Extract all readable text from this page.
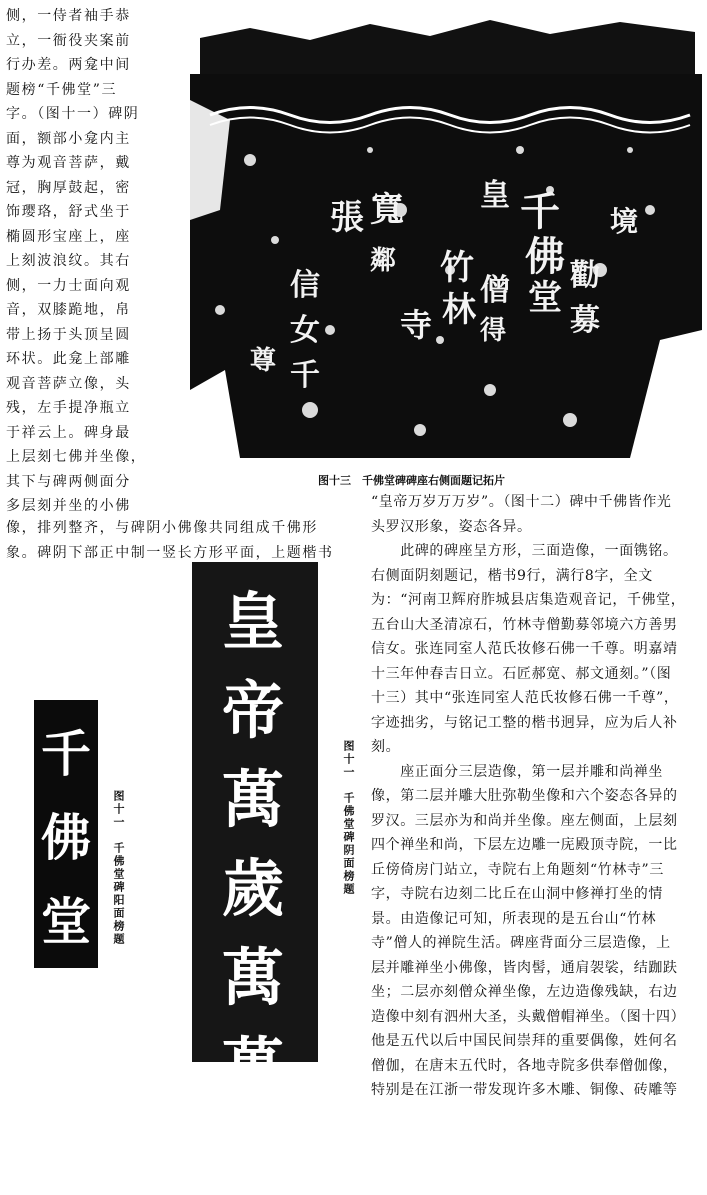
侧，一侍者袖手恭
立，一衙役夹案前
行办差。两龛中间
题榜“千佛堂”三
字。（图十一）碑阴
面，额部小龛内主
尊为观音菩萨，戴
冠，胸厚鼓起，密
饰璎珞，舒式坐于
椭圆形宝座上，座
上刻波浪纹。其右
侧，一力士面向观
音，双膝跪地，帛
带上扬于头顶呈圆
环状。此龛上部雕
观音菩萨立像，头
残，左手提净瓶立
于祥云上。碑身最
上层刻七佛并坐像，
其下与碑两侧面分
多层刻并坐的小佛
千
佛
堂
寬
張
竹
林
寺
僧 勸
募
信
女
千
尊
得
鄰
境
皇
图十三　千佛堂碑碑座右侧面题记拓片
像，排列整齐，与碑阴小佛像共同组成千佛形
象。碑阴下部正中制一竖长方形平面，上题楷书
千
佛
堂 图十一　千佛堂碑阳面榜题
皇
帝
萬
歲
萬
萬
歲
图十一　千佛堂碑阴面榜题
“皇帝万岁万万岁”。（图十二）碑中千佛皆作光
头罗汉形象，姿态各异。
　　此碑的碑座呈方形，三面造像，一面镌铭。
右侧面阴刻题记，楷书9行，满行8字，全文
为：“河南卫辉府胙城县店集造观音记，千佛堂，
五台山大圣清凉石，竹林寺僧勤募邻境六方善男
信女。张连同室人范氏妆修石佛一千尊。明嘉靖
十三年仲春吉日立。石匠郝宽、郝文通刻。”（图
十三）其中“张连同室人范氏妆修石佛一千尊”，
字迹拙劣，与铭记工整的楷书迥异，应为后人补
刻。
　　座正面分三层造像，第一层并雕和尚禅坐
像，第二层并雕大肚弥勒坐像和六个姿态各异的
罗汉。三层亦为和尚并坐像。座左侧面，上层刻
四个禅坐和尚，下层左边雕一庑殿顶寺院，一比
丘傍倚房门站立，寺院右上角题刻“竹林寺”三
字，寺院右边刻二比丘在山洞中修禅打坐的情
景。由造像记可知，所表现的是五台山“竹林
寺”僧人的禅院生活。碑座背面分三层造像，上
层并雕禅坐小佛像，皆肉髻，通肩袈裟，结跏趺
坐；二层亦刻僧众禅坐像，左边造像残缺，右边
造像中刻有泗州大圣，头戴僧帽禅坐。（图十四）
他是五代以后中国民间崇拜的重要偶像，姓何名
僧伽，在唐末五代时，各地寺院多供奉僧伽像，
特别是在江浙一带发现许多木雕、铜像、砖雕等
